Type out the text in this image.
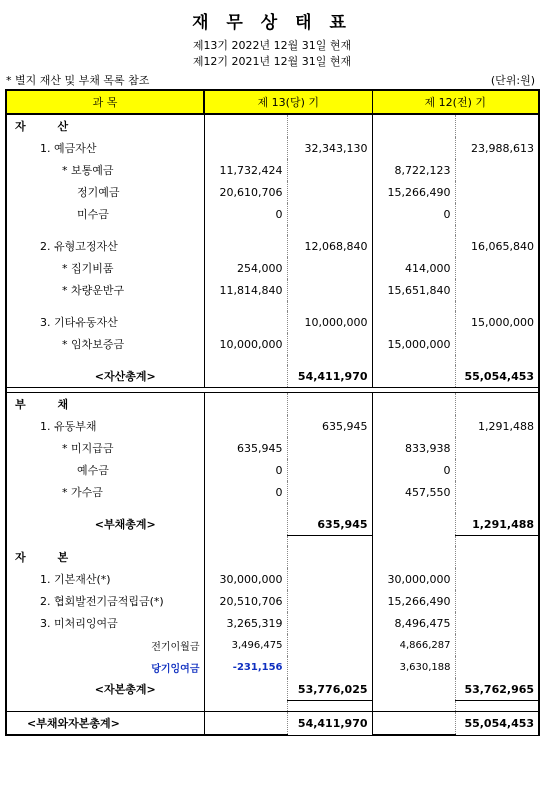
재 무 상 태 표
제13기 2022년 12월 31일 현재
제12기 2021년 12월 31일 현재
* 별지 재산 및 부채 목록 참조	(단위:원)
과 목	제 13(당) 기		제 12(전) 기	
자 산				
1. 예금자산		32,343,130		23,988,613
* 보통예금	11,732,424		8,722,123	
정기예금	20,610,706		15,266,490	
미수금	0		0	

2. 유형고정자산		12,068,840		16,065,840
* 집기비품	254,000		414,000	
* 차량운반구	11,814,840		15,651,840	

3. 기타유동자산		10,000,000		15,000,000
* 임차보증금	10,000,000		15,000,000	

<자산총계>		54,411,970		55,054,453

부 채				
1. 유동부채		635,945		1,291,488
* 미지급금	635,945		833,938	
예수금	0		0	
* 가수금	0		457,550	

<부채총계>		635,945		1,291,488

자 본				
1. 기본재산(*)	30,000,000		30,000,000	
2. 협회발전기금적립금(*)	20,510,706		15,266,490	
3. 미처리잉여금	3,265,319		8,496,475	
전기이월금	3,496,475		4,866,287	
당기잉여금	-231,156		3,630,188	
<자본총계>		53,776,025		53,762,965

<부채와자본총계>		54,411,970		55,054,453
